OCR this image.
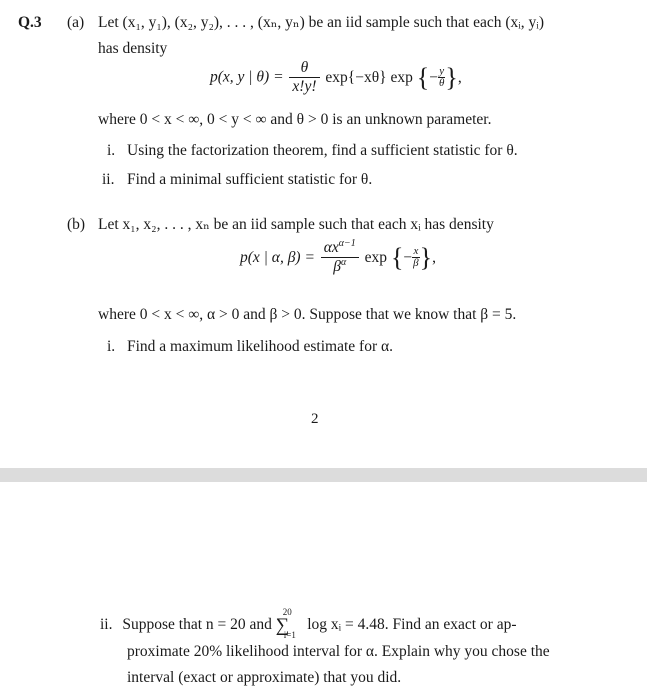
Q.3 (a) Let (x₁, y₁), (x₂, y₂), . . . , (xₙ, yₙ) be an iid sample such that each (xᵢ, yᵢ)
has density
p(x, y | $\theta) = \frac{\theta}{x!y!} \exp\{-x\theta\}$ exp {− $\frac{y}{\theta}$ },
where 0 < x < ∞, 0 < y < ∞ and θ > 0 is an unknown parameter.
i. Using the factorization theorem, find a sufficient statistic for θ.
ii. Find a minimal sufficient statistic for θ.
(b) Let x₁, x₂, . . . , xₙ be an iid sample such that each xᵢ has density
p(x | α, $\beta) = \frac{\alpha x^{\alpha-1}}{\beta^\alpha}$ exp {− $\frac{x}{\beta}$ },
where 0 < x < ∞, α > 0 and β > 0. Suppose that we know that β = 5.
i. Find a maximum likelihood estimate for α.
2
ii. Suppose that n = 20 and ∑
20
i=1
log xᵢ = 4.48. Find an exact or ap-
proximate 20% likelihood interval for α. Explain why you chose the
interval (exact or approximate) that you did.
